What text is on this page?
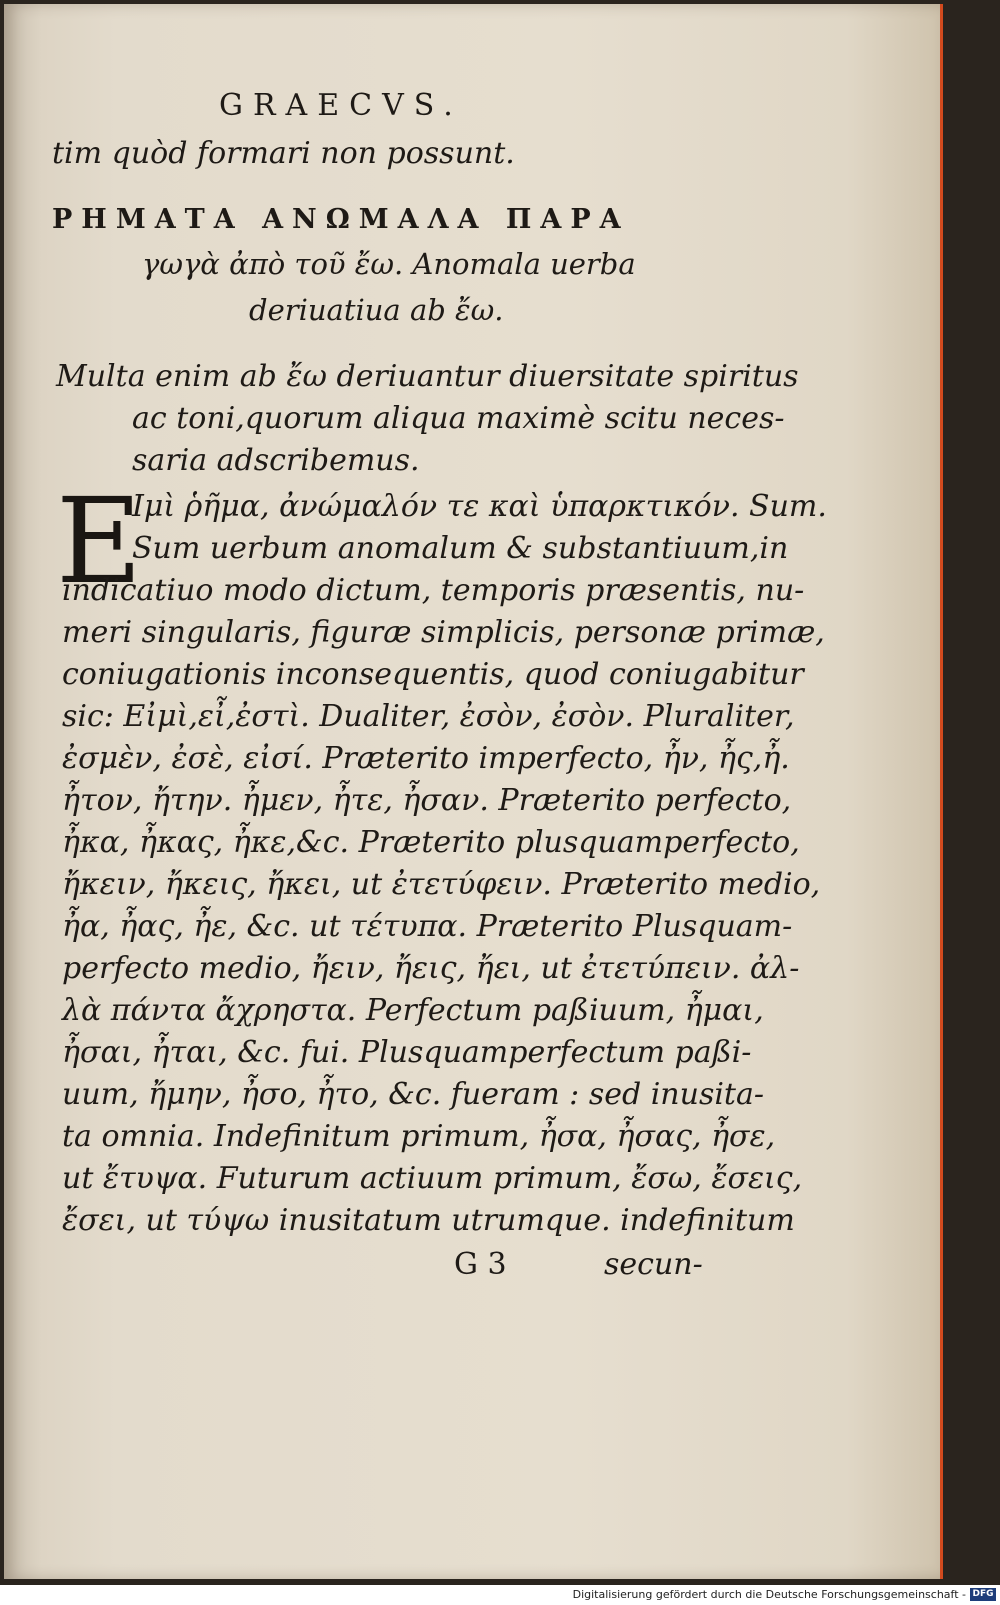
GRAECVS.
tim quòd formari non possunt.
ΡΗΜΑΤΑ ΑΝΩΜΑΛΑ ΠΑΡΑ
γωγὰ ἀπὸ τοῦ ἔω. Anomala uerba
deriuatiua ab ἔω.
Multa enim ab ἔω deriuantur diuersitate spiritus
ac toni,quorum aliqua maximè scitu neces-
saria adscribemus.
E
Ιμὶ ῥῆμα, ἀνώμαλόν τε καὶ ὑπαρκτικόν. Sum.
Sum uerbum anomalum & substantiuum,in
indicatiuo modo dictum, temporis præsentis, nu-
meri singularis, figuræ simplicis, personæ primæ,
coniugationis inconsequentis, quod coniugabitur
sic: Εἰμὶ,εἶ,ἐστὶ. Dualiter, ἐσὸν, ἐσὸν. Pluraliter,
ἐσμὲν, ἐσὲ, εἰσί. Præterito imperfecto, ἦν, ἦς,ἦ.
ἦτον, ἤτην. ἦμεν, ἦτε, ἦσαν. Præterito perfecto,
ἦκα, ἦκας, ἦκε,&c. Præterito plusquamperfecto,
ἤκειν, ἤκεις, ἤκει, ut ἐτετύφειν. Præterito medio,
ἦα, ἦας, ἦε, &c. ut τέτυπα. Præterito Plusquam-
perfecto medio, ἤειν, ἤεις, ἤει, ut ἐτετύπειν. ἀλ-
λὰ πάντα ἄχρηστα. Perfectum paßiuum, ἦμαι,
ἦσαι, ἦται, &c. fui. Plusquamperfectum paßi-
uum, ἤμην, ἦσο, ἦτο, &c. fueram : sed inusita-
ta omnia. Indefinitum primum, ἦσα, ἦσας, ἦσε,
ut ἔτυψα. Futurum actiuum primum, ἔσω, ἔσεις,
ἔσει, ut τύψω inusitatum utrumque. indefinitum
G 3	secun-
Digitalisierung gefördert durch die Deutsche Forschungsgemeinschaft - DFG
